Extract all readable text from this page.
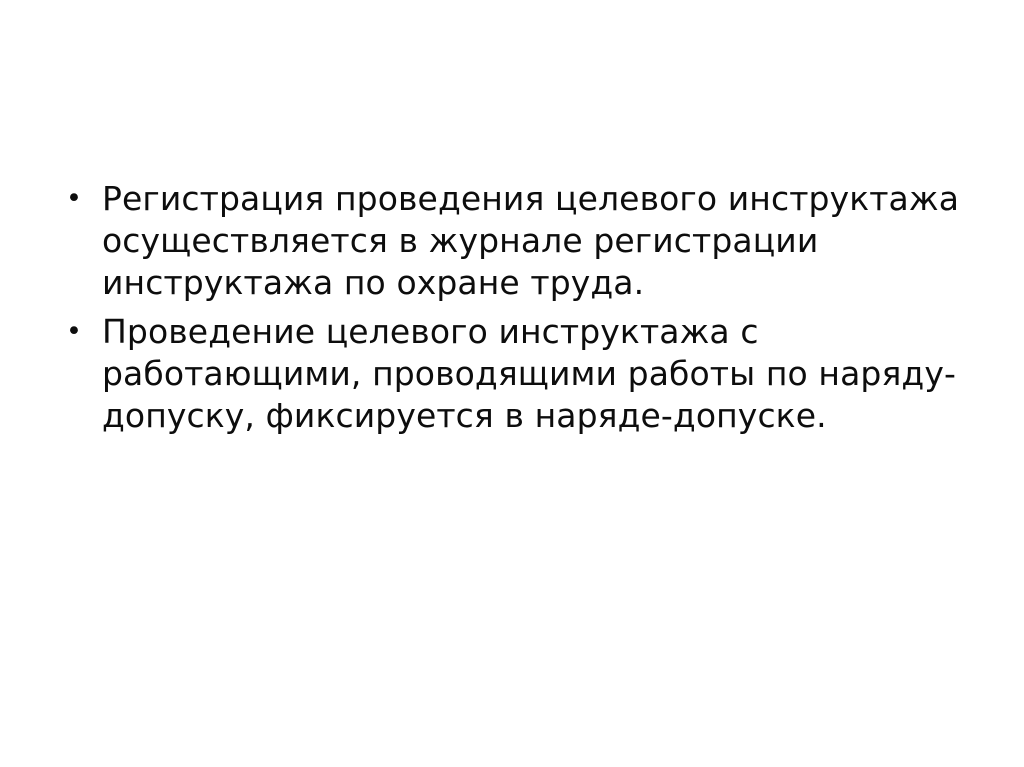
• Регистрация проведения целевого инструктажа осуществляется в журнале регистрации инструктажа по охране труда.
• Проведение целевого инструктажа с работающими, проводящими работы по наряду-допуску, фиксируется в наряде-допуске.
